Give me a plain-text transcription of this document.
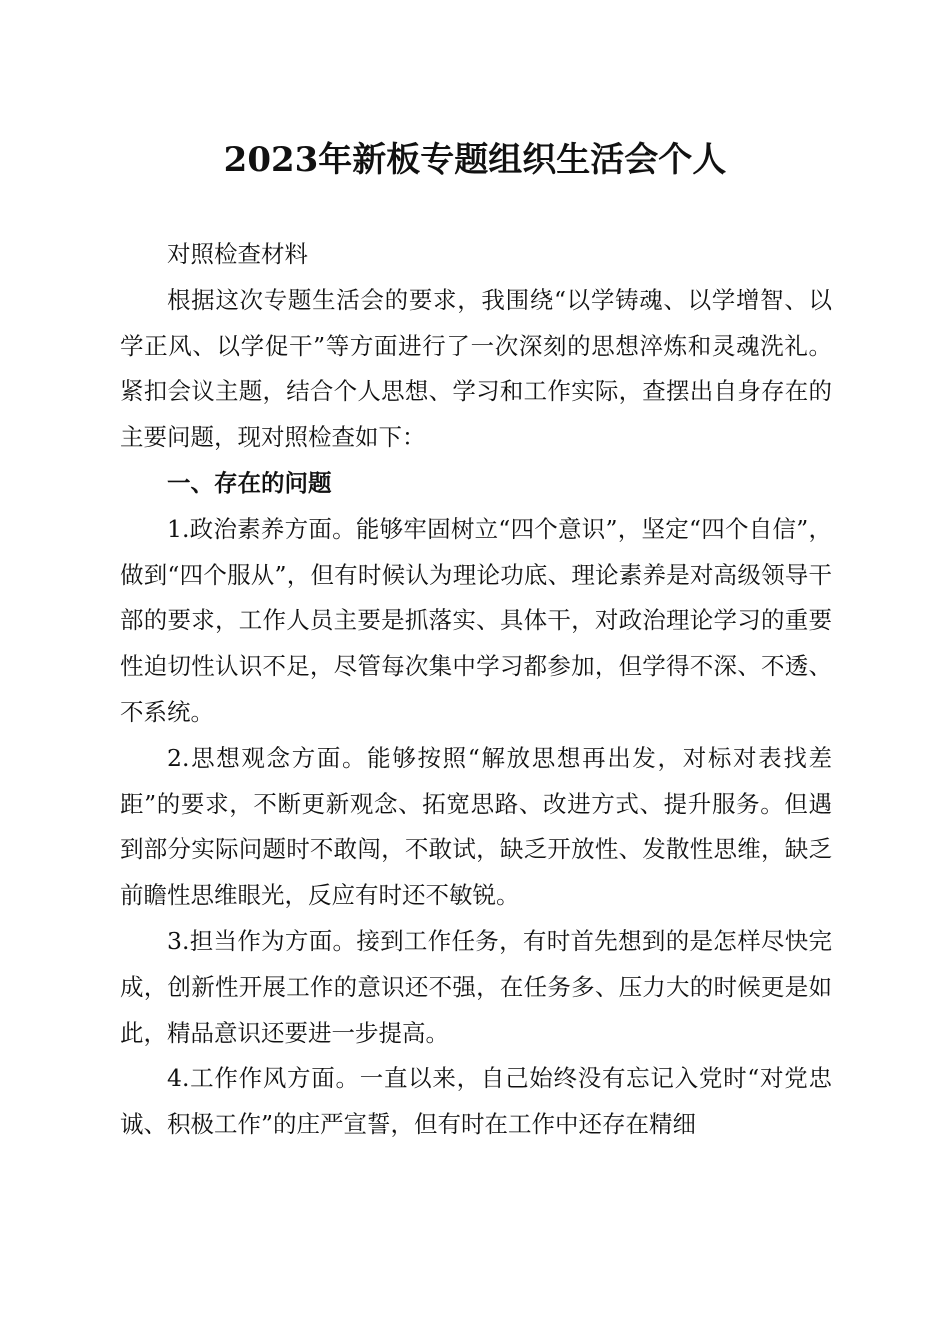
2023年新板专题组织生活会个人

对照检查材料

根据这次专题生活会的要求，我围绕“以学铸魂、以学增智、以学正风、以学促干”等方面进行了一次深刻的思想淬炼和灵魂洗礼。紧扣会议主题，结合个人思想、学习和工作实际，查摆出自身存在的主要问题，现对照检查如下：

一、存在的问题

1.政治素养方面。能够牢固树立“四个意识”，坚定“四个自信”，做到“四个服从”，但有时候认为理论功底、理论素养是对高级领导干部的要求，工作人员主要是抓落实、具体干，对政治理论学习的重要性迫切性认识不足，尽管每次集中学习都参加，但学得不深、不透、不系统。

2.思想观念方面。能够按照“解放思想再出发，对标对表找差距”的要求，不断更新观念、拓宽思路、改进方式、提升服务。但遇到部分实际问题时不敢闯，不敢试，缺乏开放性、发散性思维，缺乏前瞻性思维眼光，反应有时还不敏锐。

3.担当作为方面。接到工作任务，有时首先想到的是怎样尽快完成，创新性开展工作的意识还不强，在任务多、压力大的时候更是如此，精品意识还要进一步提高。

4.工作作风方面。一直以来，自己始终没有忘记入党时“对党忠诚、积极工作”的庄严宣誓，但有时在工作中还存在精细
